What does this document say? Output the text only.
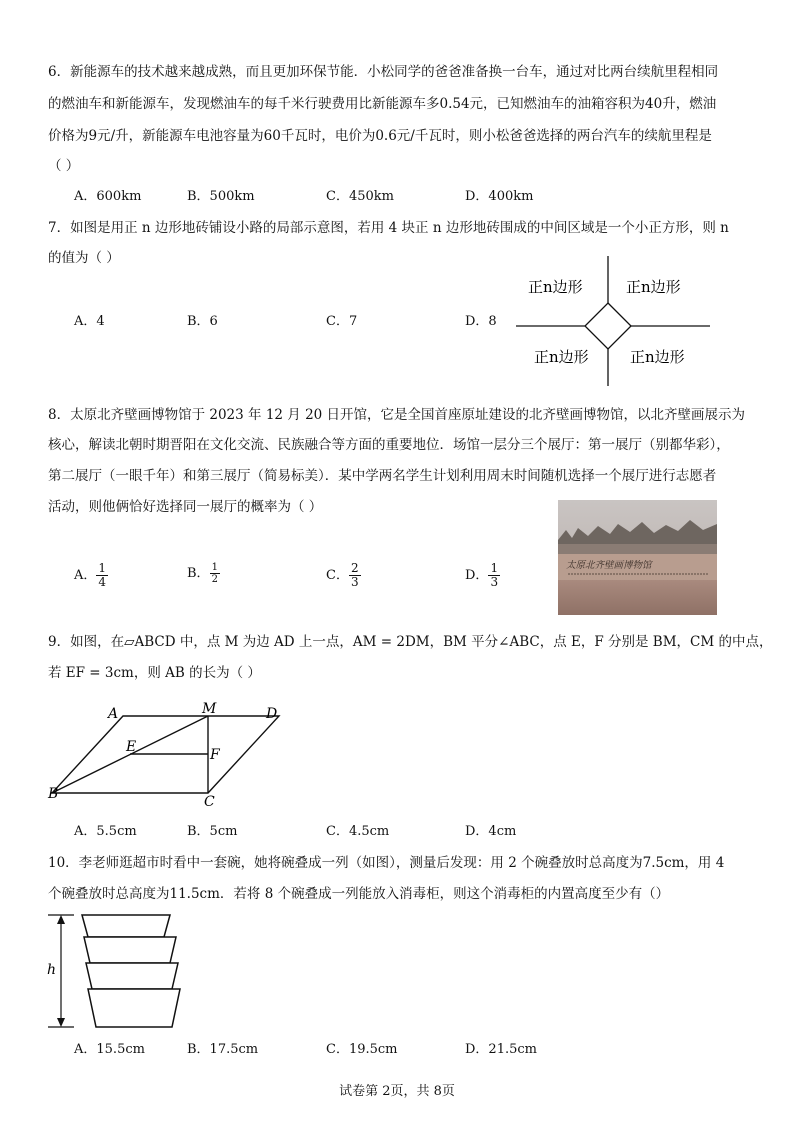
6．新能源车的技术越来越成熟，而且更加环保节能．小松同学的爸爸准备换一台车，通过对比两台续航里程相同
的燃油车和新能源车，发现燃油车的每千米行驶费用比新能源车多0.54元，已知燃油车的油箱容积为40升，燃油
价格为9元/升，新能源车电池容量为60千瓦时，电价为0.6元/千瓦时，则小松爸爸选择的两台汽车的续航里程是
（ ）
A．600km	B．500km	C．450km	D．400km
7．如图是用正 n 边形地砖铺设小路的局部示意图，若用 4 块正 n 边形地砖围成的中间区域是一个小正方形，则 n
的值为（ ）
A．4	B．6	C．7	D．8
正n边形	正n边形
正n边形	正n边形
8．太原北齐壁画博物馆于 2023 年 12 月 20 日开馆，它是全国首座原址建设的北齐壁画博物馆，以北齐壁画展示为
核心，解读北朝时期晋阳在文化交流、民族融合等方面的重要地位．场馆一层分三个展厅：第一展厅（别都华彩），
第二展厅（一眼千年）和第三展厅（简易标美）．某中学两名学生计划利用周末时间随机选择一个展厅进行志愿者
活动，则他俩恰好选择同一展厅的概率为（ ）
A． $\frac{1}{4}$	B． $\frac{1}{2}$	C． $\frac{2}{3}$	D． $\frac{1}{3}$	太原北齐壁画博物馆
9．如图，在▱ABCD 中，点 M 为边 AD 上一点，AM = 2DM，BM 平分∠ABC，点 E，F 分别是 BM，CM 的中点，
若 EF = 3cm，则 AB 的长为（ ）
A	M	D
E	F
B	C
A．5.5cm	B．5cm	C．4.5cm	D．4cm
10．李老师逛超市时看中一套碗，她将碗叠成一列（如图），测量后发现：用 2 个碗叠放时总高度为7.5cm，用 4
个碗叠放时总高度为11.5cm．若将 8 个碗叠成一列能放入消毒柜，则这个消毒柜的内置高度至少有（）
h
A．15.5cm	B．17.5cm	C．19.5cm	D．21.5cm
试卷第 2页，共 8页
